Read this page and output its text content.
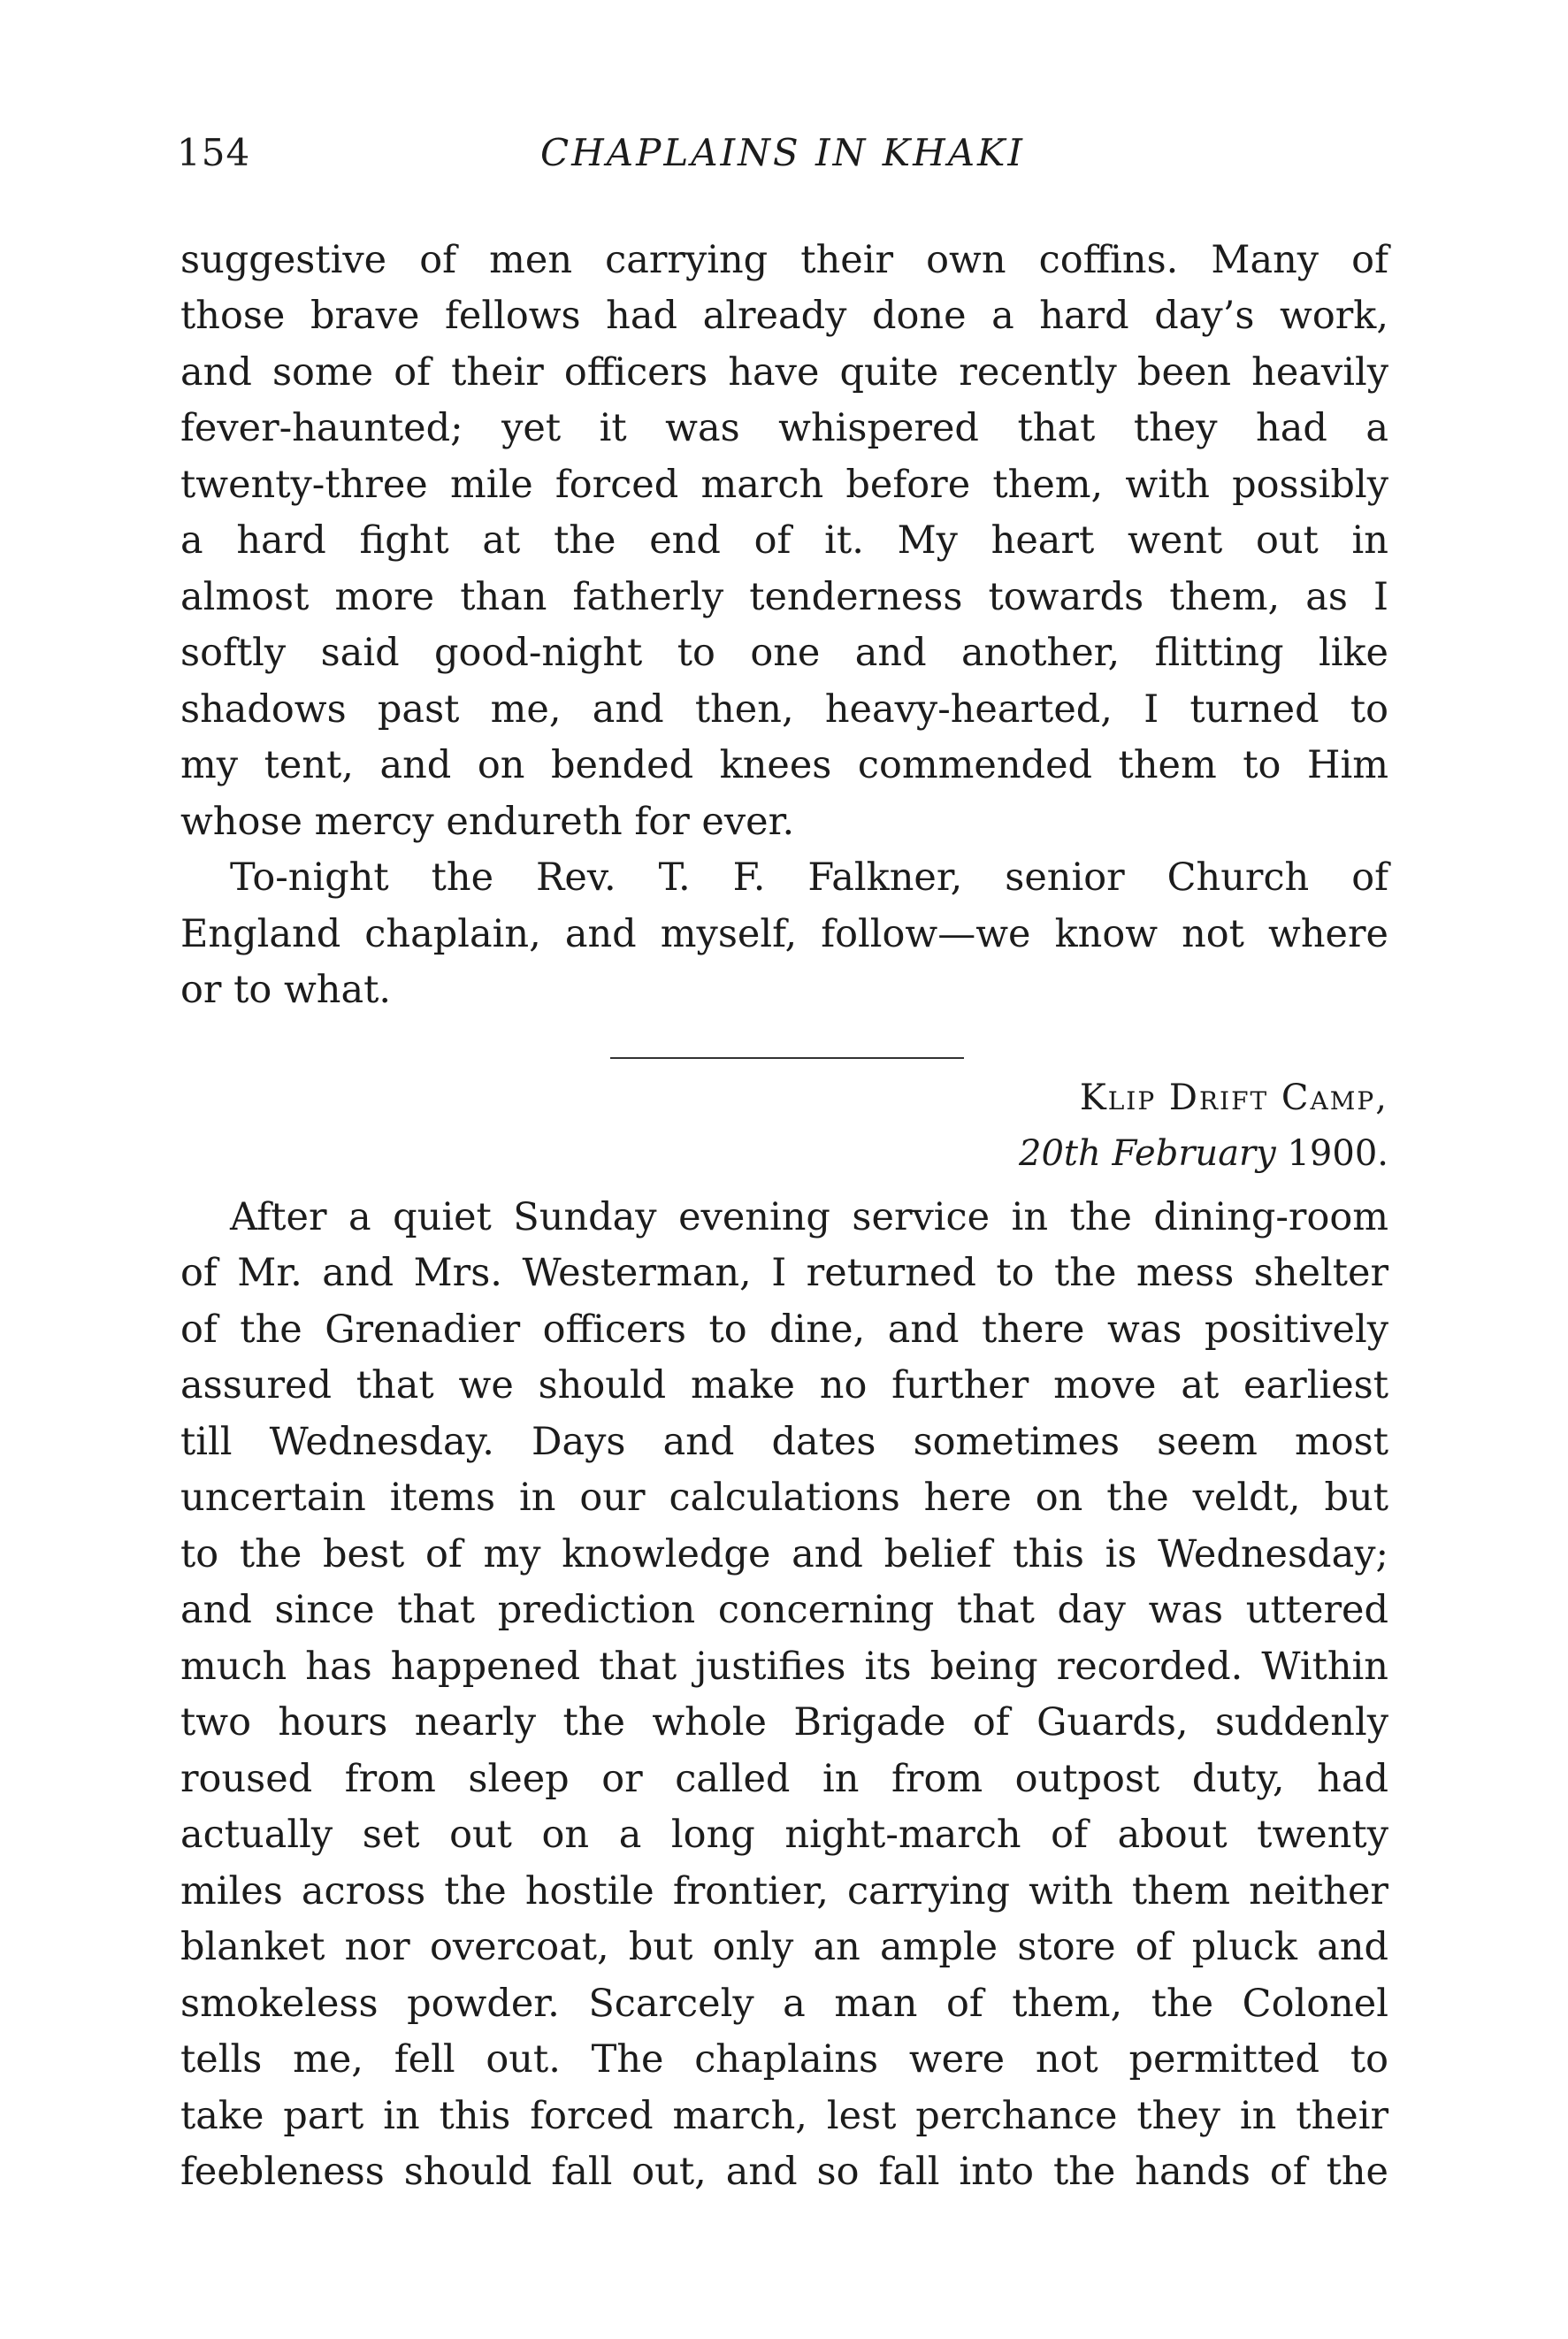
154	CHAPLAINS IN KHAKI

suggestive of men carrying their own coffins. Many of

those brave fellows had already done a hard day’s work,

and some of their officers have quite recently been heavily

fever-haunted; yet it was whispered that they had a

twenty-three mile forced march before them, with possibly

a hard fight at the end of it. My heart went out in

almost more than fatherly tenderness towards them, as I

softly said good-night to one and another, flitting like

shadows past me, and then, heavy-hearted, I turned to

my tent, and on bended knees commended them to Him

whose mercy endureth for ever.

To-night the Rev. T. F. Falkner, senior Church of

England chaplain, and myself, follow—we know not where

or to what.

Klip Drift Camp,
20th February 1900.

After a quiet Sunday evening service in the dining-room

of Mr. and Mrs. Westerman, I returned to the mess shelter

of the Grenadier officers to dine, and there was positively

assured that we should make no further move at earliest

till Wednesday. Days and dates sometimes seem most

uncertain items in our calculations here on the veldt, but

to the best of my knowledge and belief this is Wednesday;

and since that prediction concerning that day was uttered

much has happened that justifies its being recorded. Within

two hours nearly the whole Brigade of Guards, suddenly

roused from sleep or called in from outpost duty, had

actually set out on a long night-march of about twenty

miles across the hostile frontier, carrying with them neither

blanket nor overcoat, but only an ample store of pluck and

smokeless powder. Scarcely a man of them, the Colonel

tells me, fell out. The chaplains were not permitted to

take part in this forced march, lest perchance they in their

feebleness should fall out, and so fall into the hands of the
